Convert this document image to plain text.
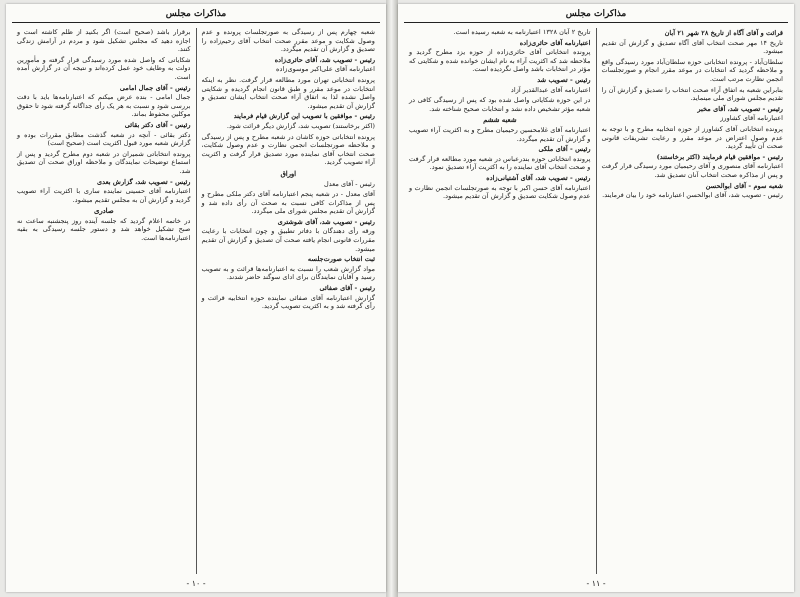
مذاکرات مجلس
شعبه چهارم پس از رسیدگی به‌ صورتجلسات پرونده و عدم وصول شکایت و موعد مقرر صحت انتخاب آقای رحیم‌زاده را تصدیق و گزارش آن‌ تقدیم میگردد.
رئیس - تصویب شد، آقای حائری‌زاده
اعتبارنامه آقای علی‌اکبر موسوی‌زاده
پرونده انتخاباتی تهران مورد مطالعه قرار گرفت. نظر به اینکه انتخابات در موعد مقرر و طبق قانون انجام گردیده و شکایتی واصل نشده لذا به‌ اتفاق آراء صحت انتخاب ایشان تصدیق و گزارش آن تقدیم میشود.
رئیس - موافقین با تصویب این گزارش قیام فرمایند
(اکثر برخاستند) تصویب شد، گزارش دیگر قرائت شود.
پرونده انتخاباتی حوزه کاشان در شعبه مطرح و پس از رسیدگی و ملاحظه صورتجلسات انجمن نظارت و عدم وصول شکایت، صحت انتخاب آقای نماینده مورد تصدیق قرار گرفت و اکثریت آراء تصویب گردید.
اوراق
رئیس - آقای معدل
آقای معدل - در شعبه پنجم اعتبارنامه آقای دکتر ملکی مطرح و پس از مذاکرات کافی نسبت به‌ صحت آن رأی داده شد و گزارش آن تقدیم مجلس شورای ملی میگردد.
رئیس - تصویب شد، آقای شوشتری
ورقه رأی دهندگان با دفاتر تطبیق و چون انتخابات با رعایت مقررات قانونی انجام یافته صحت آن تصدیق و گزارش آن تقدیم میشود.
ثبت انتخاب صورت‌جلسه
مواد گزارش شعب را نسبت به‌ اعتبارنامه‌ها قرائت و به‌ تصویب رسید و آقایان نمایندگان برای ادای سوگند حاضر شدند.
رئیس - آقای صفائی
گزارش اعتبارنامه آقای صفائی نماینده حوزه انتخابیه قرائت و رأی گرفته شد و به‌ اکثریت تصویب گردید.
برقرار باشد (صحیح است) اگر بکنید از ظلم کاشته است و اجازه دهید که مجلس تشکیل شود و مردم در آرامش زندگی کنند.
شکایاتی که واصل شده مورد رسیدگی قرار گرفته و مأمورین دولت به وظایف خود عمل کرده‌اند و نتیجه آن در گزارش آمده است.
رئیس - آقای جمال امامی
جمال امامی - بنده عرض میکنم که اعتبارنامه‌ها باید با دقت بررسی شود و نسبت به‌ هر یک رأی جداگانه گرفته شود تا حقوق موکلین محفوظ بماند.
رئیس - آقای دکتر بقائی
دکتر بقائی - آنچه در شعبه گذشت مطابق مقررات بوده و گزارش شعبه مورد قبول اکثریت است (صحیح است)
پرونده انتخاباتی شمیران در شعبه دوم مطرح گردید و پس از استماع توضیحات نمایندگان و ملاحظه اوراق صحت آن تصدیق شد.
رئیس - تصویب شد، گزارش بعدی
اعتبارنامه آقای حسینی نماینده ساری با اکثریت آراء تصویب گردید و گزارش آن به مجلس تقدیم میشود.
صادری
در خاتمه اعلام گردید که جلسه آینده روز پنجشنبه ساعت نه صبح تشکیل خواهد شد و دستور جلسه رسیدگی به بقیه اعتبارنامه‌ها است.
- ۱۰ -
مذاکرات مجلس
قرائت و آقای آگاه از تاریخ ۲۸ شهر ۲۱ آبان
تاریخ ۱۴ مهر صحت انتخاب آقای آگاه تصدیق و گزارش آن تقدیم میشود.
سلطان‌آباد - پرونده انتخاباتی حوزه سلطان‌آباد مورد رسیدگی واقع و ملاحظه گردید که انتخابات در موعد مقرر انجام و صورتجلسات انجمن نظارت مرتب است.
بنابراین شعبه به اتفاق آراء صحت انتخاب را تصدیق و گزارش آن را تقدیم مجلس شورای ملی مینماید.
رئیس - تصویب شد، آقای مخبر
اعتبارنامه آقای کشاورز
پرونده انتخاباتی آقای کشاورز از حوزه انتخابیه مطرح و با توجه به عدم وصول اعتراض در موعد مقرر و رعایت تشریفات قانونی صحت آن تأیید گردید.
رئیس - موافقین قیام فرمایند (اکثر برخاستند)
اعتبارنامه آقای منصوری و آقای رحیمیان مورد رسیدگی قرار گرفت و پس از مذاکره صحت انتخاب آنان تصدیق شد.
شعبه سوم - آقای ابوالحسن
رئیس - تصویب شد، آقای ابوالحسن اعتبارنامه خود را بیان فرمایند.
تاریخ ۲ آبان ۱۳۲۸ اعتبارنامه به شعبه رسیده است.
اعتبارنامه آقای حائری‌زاده
پرونده انتخاباتی آقای حائری‌زاده از حوزه یزد مطرح گردید و ملاحظه شد که اکثریت آراء به نام ایشان خوانده شده و شکایتی که مؤثر در انتخابات باشد واصل نگردیده است.
رئیس - تصویب شد
اعتبارنامه آقای عبدالقدیر آزاد
در این حوزه شکایاتی واصل شده بود که پس از رسیدگی کافی در شعبه مؤثر تشخیص داده نشد و انتخابات صحیح شناخته شد.
شعبه ششم
اعتبارنامه آقای غلامحسین رحیمیان مطرح و به اکثریت آراء تصویب و گزارش آن تقدیم میگردد.
رئیس - آقای ملکی
پرونده انتخاباتی حوزه بندرعباس در شعبه مورد مطالعه قرار گرفت و صحت انتخاب آقای نماینده را به اکثریت آراء تصدیق نمود.
رئیس - تصویب شد، آقای آشتیانی‌زاده
اعتبارنامه آقای حسن اکبر با توجه به صورتجلسات انجمن نظارت و عدم وصول شکایت تصدیق و گزارش آن تقدیم میشود.
- ۱۱ -
